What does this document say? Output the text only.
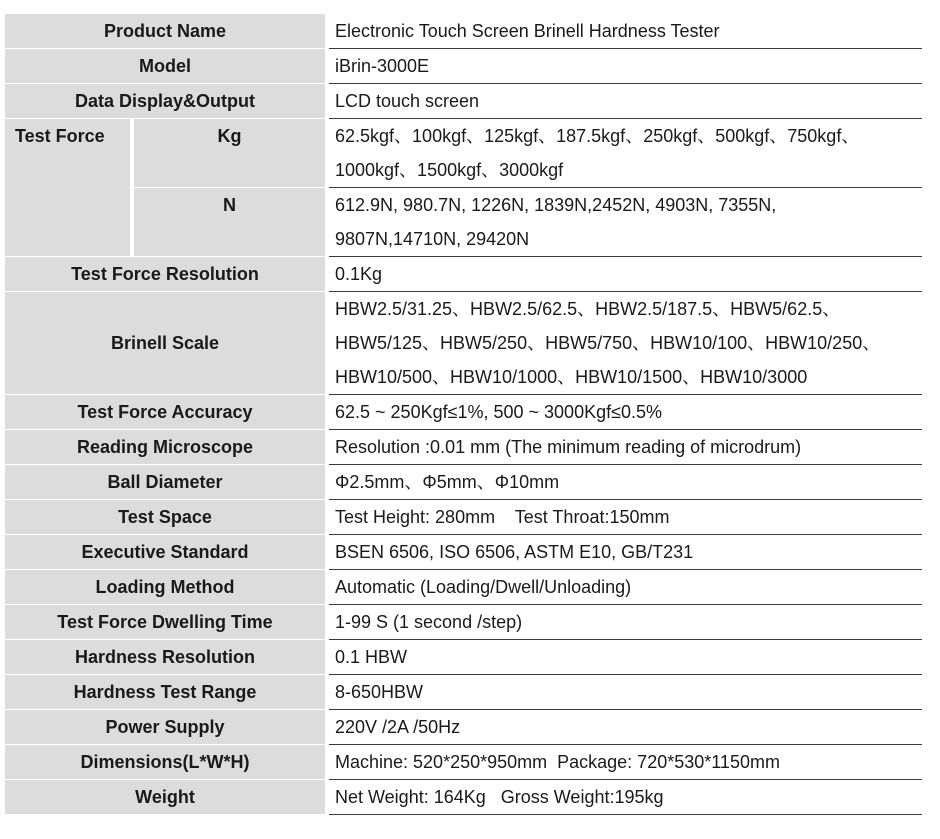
Product Name		Electronic Touch Screen Brinell Hardness Tester
Model		iBrin-3000E
Data Display&Output		LCD touch screen
Test Force	Kg	62.5kgf、100kgf、125kgf、187.5kgf、250kgf、500kgf、750kgf、
1000kgf、1500kgf、3000kgf

	N	612.9N, 980.7N, 1226N, 1839N,2452N, 4903N, 7355N,
9807N,14710N, 29420N

Test Force Resolution		0.1Kg
Brinell Scale		HBW2.5/31.25、HBW2.5/62.5、HBW2.5/187.5、HBW5/62.5、
HBW5/125、HBW5/250、HBW5/750、HBW10/100、HBW10/250、
HBW10/500、HBW10/1000、HBW10/1500、HBW10/3000

Test Force Accuracy		62.5 ~ 250Kgf≤1%, 500 ~ 3000Kgf≤0.5%
Reading Microscope		Resolution :0.01 mm (The minimum reading of microdrum)
Ball Diameter		Φ2.5mm、Φ5mm、Φ10mm
Test Space		Test Height: 280mm    Test Throat:150mm
Executive Standard		BSEN 6506, ISO 6506, ASTM E10, GB/T231
Loading Method		Automatic (Loading/Dwell/Unloading)
Test Force Dwelling Time		1-99 S (1 second /step)
Hardness Resolution		0.1 HBW
Hardness Test Range		8-650HBW
Power Supply		220V /2A /50Hz
Dimensions(L*W*H)		Machine: 520*250*950mm  Package: 720*530*1150mm
Weight		Net Weight: 164Kg   Gross Weight:195kg
